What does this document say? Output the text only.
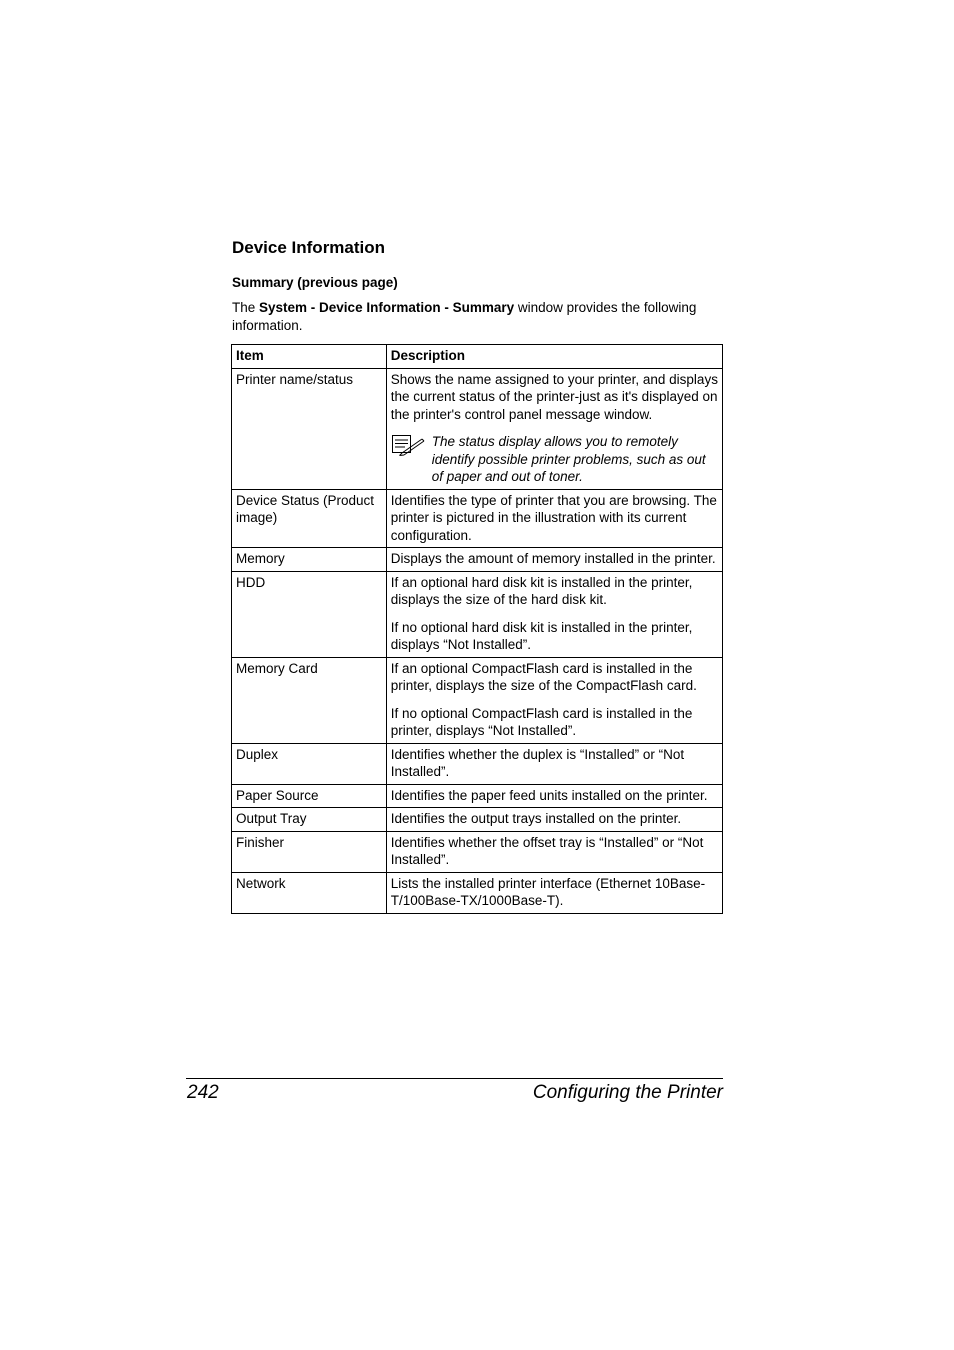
Device Information
Summary (previous page)

The System - Device Information - Summary window provides the following information.

Item	Description
Printer name/status	Shows the name assigned to your printer, and displays the current status of the printer-just as it's displayed on the printer's control panel message window.
The status display allows you to remotely identify possible printer problems, such as out of paper and out of toner.

Device Status (Product image)	Identifies the type of printer that you are browsing. The printer is pictured in the illustration with its current configuration.

Memory	Displays the amount of memory installed in the printer.

HDD	If an optional hard disk kit is installed in the printer, displays the size of the hard disk kit.
If no optional hard disk kit is installed in the printer, displays “Not Installed”.

Memory Card	If an optional CompactFlash card is installed in the printer, displays the size of the CompactFlash card.
If no optional CompactFlash card is installed in the printer, displays “Not Installed”.

Duplex	Identifies whether the duplex is “Installed” or “Not Installed”.

Paper Source	Identifies the paper feed units installed on the printer.

Output Tray	Identifies the output trays installed on the printer.

Finisher	Identifies whether the offset tray is “Installed” or “Not Installed”.

Network	Lists the installed printer interface (Ethernet 10Base-T/100Base-TX/1000Base-T).
242	Configuring the Printer
